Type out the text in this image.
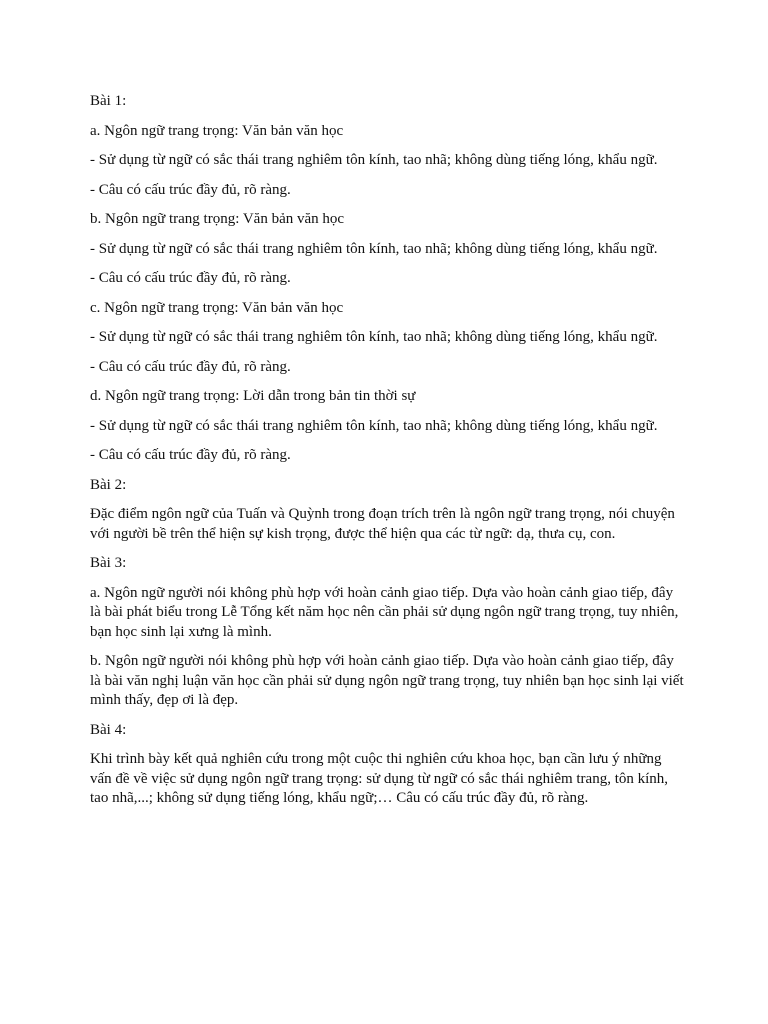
Bài 1:

a. Ngôn ngữ trang trọng: Văn bản văn học

- Sử dụng từ ngữ có sắc thái trang nghiêm tôn kính, tao nhã; không dùng tiếng lóng, khẩu ngữ.

- Câu có cấu trúc đầy đủ, rõ ràng.

b. Ngôn ngữ trang trọng: Văn bản văn học

- Sử dụng từ ngữ có sắc thái trang nghiêm tôn kính, tao nhã; không dùng tiếng lóng, khẩu ngữ.

- Câu có cấu trúc đầy đủ, rõ ràng.

c. Ngôn ngữ trang trọng: Văn bản văn học

- Sử dụng từ ngữ có sắc thái trang nghiêm tôn kính, tao nhã; không dùng tiếng lóng, khẩu ngữ.

- Câu có cấu trúc đầy đủ, rõ ràng.

d. Ngôn ngữ trang trọng: Lời dẫn trong bản tin thời sự

- Sử dụng từ ngữ có sắc thái trang nghiêm tôn kính, tao nhã; không dùng tiếng lóng, khẩu ngữ.

- Câu có cấu trúc đầy đủ, rõ ràng.

Bài 2:

Đặc điểm ngôn ngữ của Tuấn và Quỳnh trong đoạn trích trên là ngôn ngữ trang trọng, nói chuyện với người bề trên thể hiện sự kish trọng, được thể hiện qua các từ ngữ: dạ, thưa cụ, con.

Bài 3:

a. Ngôn ngữ người nói không phù hợp với hoàn cảnh giao tiếp. Dựa vào hoàn cảnh giao tiếp, đây là bài phát biểu trong Lễ Tổng kết năm học nên cần phải sử dụng ngôn ngữ trang trọng, tuy nhiên, bạn học sinh lại xưng là mình.

b. Ngôn ngữ người nói không phù hợp với hoàn cảnh giao tiếp. Dựa vào hoàn cảnh giao tiếp, đây là bài văn nghị luận văn học cần phải sử dụng ngôn ngữ trang trọng, tuy nhiên bạn học sinh lại viết mình thấy, đẹp ơi là đẹp.

Bài 4:

Khi trình bày kết quả nghiên cứu trong một cuộc thi nghiên cứu khoa học, bạn cần lưu ý những vấn đề về việc sử dụng ngôn ngữ trang trọng: sử dụng từ ngữ có sắc thái nghiêm trang, tôn kính, tao nhã,...; không sử dụng tiếng lóng, khẩu ngữ;… Câu có cấu trúc đầy đủ, rõ ràng.
